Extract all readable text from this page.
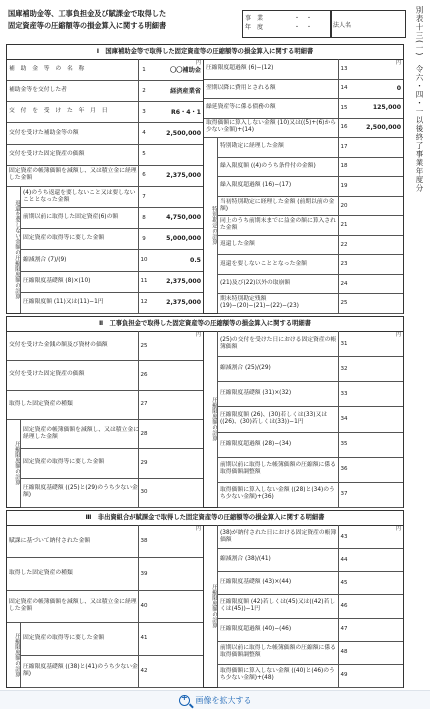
国庫補助金等、工事負担金及び賦課金で取得した
固定資産等の圧縮額等の損金算入に関する明細書
事　業
年　度
・　・
・　・	法人名	別表十三(一)　令六・四・一以後終了事業年度分
Ⅰ　国庫補助金等で取得した固定資産等の圧縮額等の損金算入に関する明細書
補　助　金　等　の　名　称	1	〇〇補助金
円
補助金等を交付した者	2	経済産業省
交　付　を　受　け　た　年　月　日	3	R6・4・1
交付を受けた補助金等の額	4	2,500,000
交付を受けた固定資産の価額	5
固定資産の帳簿価額を減額し、又は積立金に経理した金額	6	2,375,000
(4)のうち返還を要しないこと又は要しないこととなった金額	7
前期以前に取得した固定資産(6)の額	8	4,750,000
固定資産の取得等に要した金額	9	5,000,000
縮減割合 (7)/(9)	10	0.5
圧縮限度基礎額 (8)×(10)	11	2,375,000
圧縮限度額 (11)又は(11)−1円	12	2,375,000
返還を要しない金額の圧縮限度額の計算
圧縮限度超過額 (6)−(12)	13
円
翌期以降に費用とされる額	14	0
繰延資産等に係る債務の額	15	125,000
取得価額に算入しない金額 (10)又は((5)+(6)から少ない金額)+(14)	16	2,500,000
特別勘定に経理した金額	17
繰入限度額 ((4)のうち条件付の金額)	18
繰入限度超過額 (16)−(17)	19
当初特別勘定に経理した金額 (前期以前の金額)	20
同上のうち前期末までに益金の額に算入された金額	21
返還した金額	22
返還を要しないこととなった金額	23
(21)及び(22)以外の取崩額	24
期末特別勘定残額 (19)−(20)−(21)−(22)−(23)	25
特別勘定の計算
Ⅱ　工事負担金で取得した固定資産等の圧縮額等の損金算入に関する明細書
交付を受けた金銭の額及び資材の価額	25
円
交付を受けた固定資産の価額	26
取得した固定資産の種類	27
固定資産の帳簿価額を減額し、又は積立金に経理した金額	28
固定資産の取得等に要した金額	29
圧縮限度基礎額 ((25)と(29)のうち少ない金額)	30
圧縮限度額の計算
(25)の交付を受けた日における固定資産の帳簿価額	31
円
縮減割合 (25)/(29)	32
圧縮限度基礎額 (31)×(32)	33
圧縮限度額 (26)、(30)若しくは(33)又は((26)、(30)若しくは(33))−1円	34
圧縮限度超過額 (28)−(34)	35
前期以前に取得した帳簿価額の圧縮額に係る取得価額調整額	36
取得価額に算入しない金額 ((28)と(34)のうち少ない金額)+(36)	37
圧縮限度額の計算
Ⅲ　非出資組合が賦課金で取得した固定資産等の圧縮額等の損金算入に関する明細書
賦課に基づいて納付された金額	38
円
取得した固定資産の種類	39
固定資産の帳簿価額を減額し、又は積立金に経理した金額	40
固定資産の取得等に要した金額	41
圧縮限度基礎額 ((38)と(41)のうち少ない金額)	42
圧縮限度額の計算
(38)が納付された日における固定資産の帳簿価額	43
円
縮減割合 (38)/(41)	44
圧縮限度基礎額 (43)×(44)	45
圧縮限度額 (42)若しくは(45)又は((42)若しくは(45))−1円	46
圧縮限度超過額 (40)−(46)	47
前期以前に取得した帳簿価額の圧縮額に係る取得価額調整額	48
取得価額に算入しない金額 ((40)と(46)のうち少ない金額)+(48)	49
圧縮限度額の計算
+
画像を拡大する
